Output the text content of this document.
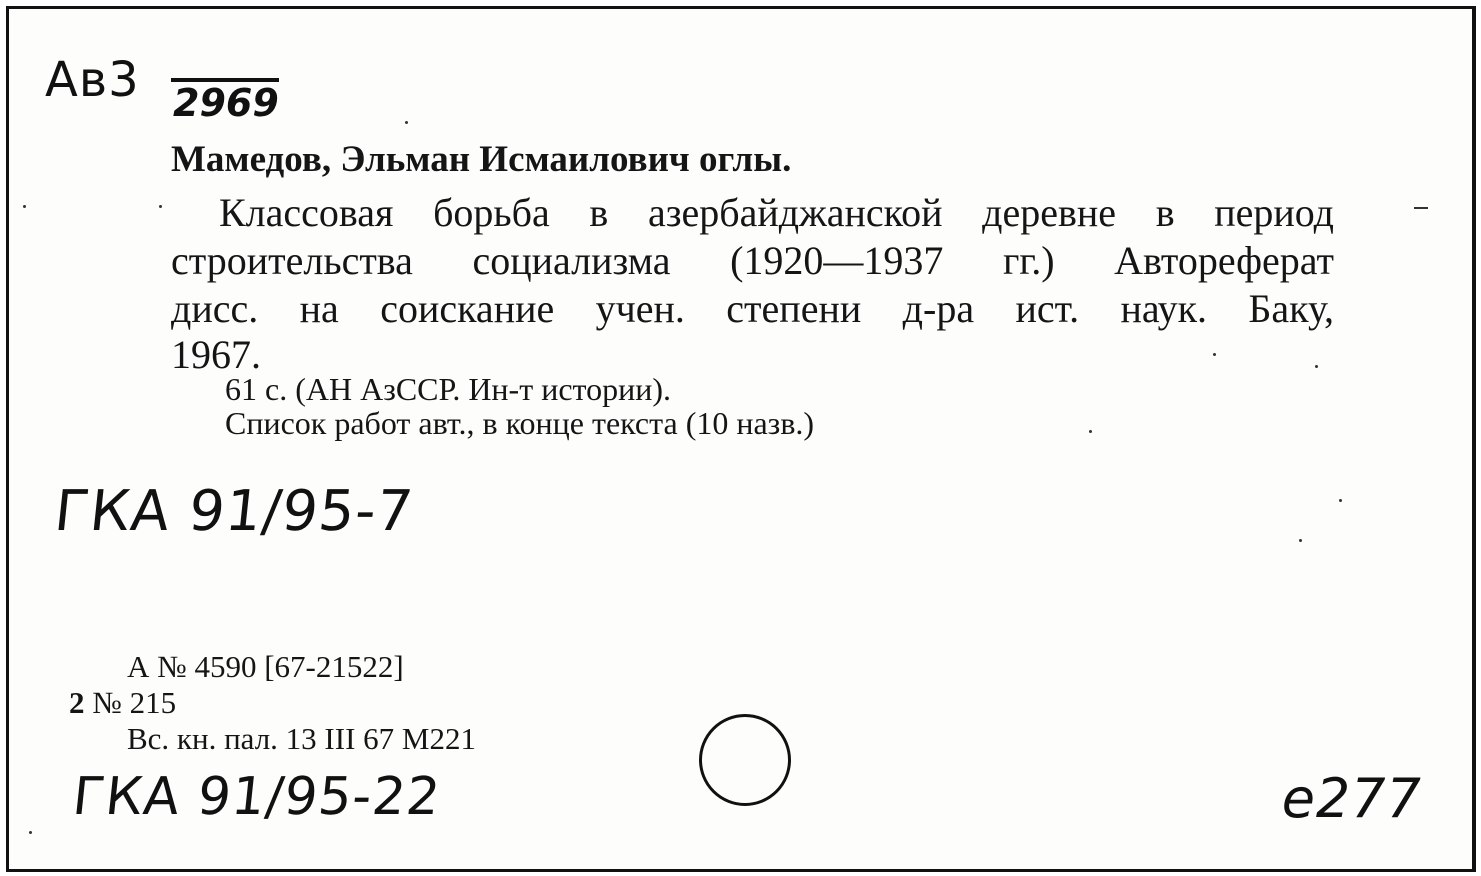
Ав3 2969
Мамедов, Эльман Исмаилович оглы.
Классовая борьба в азербайджанской деревне в период
строительства социализма (1920—1937 гг.) Автореферат
дисс. на соискание учен. степени д-ра ист. наук. Баку,
1967.
61 с. (АН АзССР. Ин-т истории).
Список работ авт., в конце текста (10 назв.)
ГКА 91/95-7
А № 4590 [67-21522]
2 № 215
Вс. кн. пал. 13 III 67 М221
ГКА 91/95-22	е277
